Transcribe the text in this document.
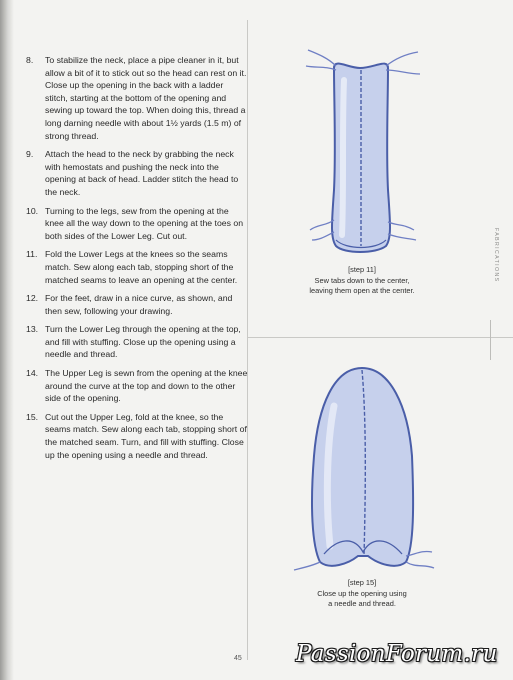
8. To stabilize the neck, place a pipe cleaner in it, but allow a bit of it to stick out so the head can rest on it. Close up the opening in the back with a ladder stitch, starting at the bottom of the opening and sewing up toward the top. When doing this, thread a long darning needle with about 1½ yards (1.5 m) of strong thread.
9. Attach the head to the neck by grabbing the neck with hemostats and pushing the neck into the opening at back of head. Ladder stitch the head to the neck.
10. Turning to the legs, sew from the opening at the knee all the way down to the opening at the toes on both sides of the Lower Leg. Cut out.
11. Fold the Lower Legs at the knees so the seams match. Sew along each tab, stopping short of the matched seams to leave an opening at the center.
12. For the feet, draw in a nice curve, as shown, and then sew, following your drawing.
13. Turn the Lower Leg through the opening at the top, and fill with stuffing. Close up the opening using a needle and thread.
14. The Upper Leg is sewn from the opening at the knee around the curve at the top and down to the other side of the opening.
15. Cut out the Upper Leg, fold at the knee, so the seams match. Sew along each tab, stopping short of the matched seam. Turn, and fill with stuffing. Close up the opening using a needle and thread.
[step 11]
Sew tabs down to the center,
leaving them open at the center.
[step 15]
Close up the opening using
a needle and thread.
FABRICATIONS
45 PassionForum.ru
